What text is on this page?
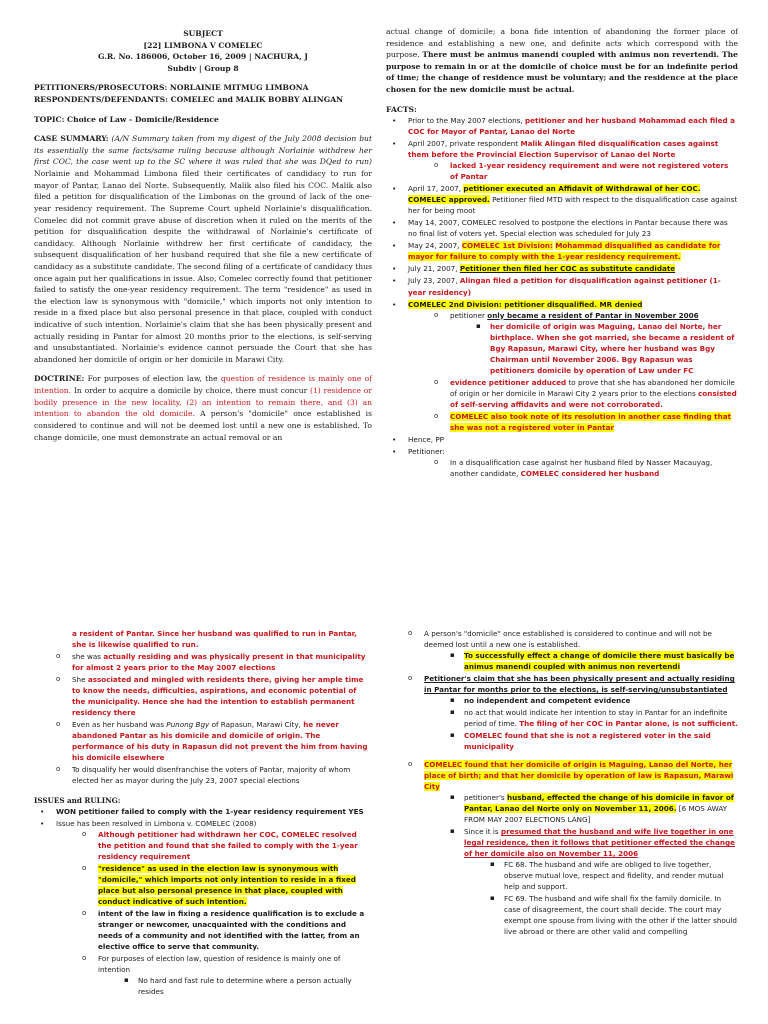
SUBJECT
[22] LIMBONA V COMELEC
G.R. No. 186006, October 16, 2009 | NACHURA, J
Subdiv | Group 8
PETITIONERS/PROSECUTORS: NORLAINIE MITMUG LIMBONA
RESPONDENTS/DEFENDANTS: COMELEC and MALIK BOBBY ALINGAN
TOPIC: Choice of Law - Domicile/Residence

CASE SUMMARY: (A/N Summary taken from my digest of the July 2008 decision but its essentially the same facts/same ruling because although Norlainie withdrew her first COC, the case went up to the SC where it was ruled that she was DQed to run) Norlainie and Mohammad Limbona filed their certificates of candidacy to run for mayor of Pantar, Lanao del Norte. Subsequently, Malik also filed his COC. Malik also filed a petition for disqualification of the Limbonas on the ground of lack of the one-year residency requirement. The Supreme Court upheld Norlainie's disqualification. Comelec did not commit grave abuse of discretion when it ruled on the merits of the petition for disqualification despite the withdrawal of Norlainie's certificate of candidacy. Although Norlainie withdrew her first certificate of candidacy, the subsequent disqualification of her husband required that she file a new certificate of candidacy as a substitute candidate. The second filing of a certificate of candidacy thus once again put her qualifications in issue. Also, Comelec correctly found that petitioner failed to satisfy the one-year residency requirement. The term "residence" as used in the election law is synonymous with "domicile," which imports not only intention to reside in a fixed place but also personal presence in that place, coupled with conduct indicative of such intention. Norlainie's claim that she has been physically present and actually residing in Pantar for almost 20 months prior to the elections, is self-serving and unsubstantiated. Norlainie's evidence cannot persuade the Court that she has abandoned her domicile of origin or her domicile in Marawi City.

DOCTRINE: For purposes of election law, the question of residence is mainly one of intention. In order to acquire a domicile by choice, there must concur (1) residence or bodily presence in the new locality, (2) an intention to remain there, and (3) an intention to abandon the old domicile. A person's "domicile" once established is considered to continue and will not be deemed lost until a new one is established. To change domicile, one must demonstrate an actual removal or an

actual change of domicile; a bona fide intention of abandoning the former place of residence and establishing a new one, and definite acts which correspond with the purpose. There must be animus manendi coupled with animus non revertendi. The purpose to remain in or at the domicile of choice must be for an indefinite period of time; the change of residence must be voluntary; and the residence at the place chosen for the new domicile must be actual.

FACTS:
• Prior to the May 2007 elections, petitioner and her husband Mohammad each filed a COC for Mayor of Pantar, Lanao del Norte
• April 2007, private respondent Malik Alingan filed disqualification cases against them before the Provincial Election Supervisor of Lanao del Norte
o lacked 1-year residency requirement and were not registered voters of Pantar
• April 17, 2007, petitioner executed an Affidavit of Withdrawal of her COC. COMELEC approved. Petitioner filed MTD with respect to the disqualification case against her for being moot
• May 14, 2007, COMELEC resolved to postpone the elections in Pantar because there was no final list of voters yet. Special election was scheduled for July 23
• May 24, 2007, COMELEC 1st Division: Mohammad disqualified as candidate for mayor for failure to comply with the 1-year residency requirement.
• July 21, 2007, Petitioner then filed her COC as substitute candidate
• July 23, 2007, Alingan filed a petition for disqualification against petitioner (1-year residency)
• COMELEC 2nd Division: petitioner disqualified. MR denied
o petitioner only became a resident of Pantar in November 2006
▪ her domicile of origin was Maguing, Lanao del Norte, her birthplace. When she got married, she became a resident of Bgy Rapasun, Marawi City, where her husband was Bgy Chairman until November 2006. Bgy Rapasun was petitioners domicile by operation of Law under FC
o evidence petitioner adduced to prove that she has abandoned her domicile of origin or her domicile in Marawi City 2 years prior to the elections consisted of self-serving affidavits and were not corroborated.
o COMELEC also took note of its resolution in another case finding that she was not a registered voter in Pantar
• Hence, PP
• Petitioner:
o In a disqualification case against her husband filed by Nasser Macauyag, another candidate, COMELEC considered her husband
a resident of Pantar. Since her husband was qualified to run in Pantar, she is likewise qualified to run.
o she was actually residing and was physically present in that municipality for almost 2 years prior to the May 2007 elections
o She associated and mingled with residents there, giving her ample time to know the needs, difficulties, aspirations, and economic potential of the municipality. Hence she had the intention to establish permanent residency there
o Even as her husband was Punong Bgy of Rapasun, Marawi City, he never abandoned Pantar as his domicile and domicile of origin. The performance of his duty in Rapasun did not prevent the him from having his domicile elsewhere
o To disqualify her would disenfranchise the voters of Pantar, majority of whom elected her as mayor during the July 23, 2007 special elections
ISSUES and RULING:
• WON petitioner failed to comply with the 1-year residency requirement YES
• Issue has been resolved in Limbona v. COMELEC (2008)
o Although petitioner had withdrawn her COC, COMELEC resolved the petition and found that she failed to comply with the 1-year residency requirement
o "residence" as used in the election law is synonymous with "domicile," which imports not only intention to reside in a fixed place but also personal presence in that place, coupled with conduct indicative of such intention.
o intent of the law in fixing a residence qualification is to exclude a stranger or newcomer, unacquainted with the conditions and needs of a community and not identified with the latter, from an elective office to serve that community.
o For purposes of election law, question of residence is mainly one of intention
▪ No hard and fast rule to determine where a person actually resides
o A person's "domicile" once established is considered to continue and will not be deemed lost until a new one is established.
▪ To successfully effect a change of domicile there must basically be animus manendi coupled with animus non revertendi
o Petitioner's claim that she has been physically present and actually residing in Pantar for months prior to the elections, is self-serving/unsubstantiated
▪ no independent and competent evidence
▪ no act that would indicate her intention to stay in Pantar for an indefinite period of time. The filing of her COC in Pantar alone, is not sufficient.
▪ COMELEC found that she is not a registered voter in the said municipality
o COMELEC found that her domicile of origin is Maguing, Lanao del Norte, her place of birth; and that her domicile by operation of law is Rapasun, Marawi City
▪ petitioner's husband, effected the change of his domicile in favor of Pantar, Lanao del Norte only on November 11, 2006. [6 MOS AWAY FROM MAY 2007 ELECTIONS LANG]
▪ Since it is presumed that the husband and wife live together in one legal residence, then it follows that petitioner effected the change of her domicile also on November 11, 2006
▪ FC 68. The husband and wife are obliged to live together, observe mutual love, respect and fidelity, and render mutual help and support.
▪ FC 69. The husband and wife shall fix the family domicile. In case of disagreement, the court shall decide. The court may exempt one spouse from living with the other if the latter should live abroad or there are other valid and compelling
